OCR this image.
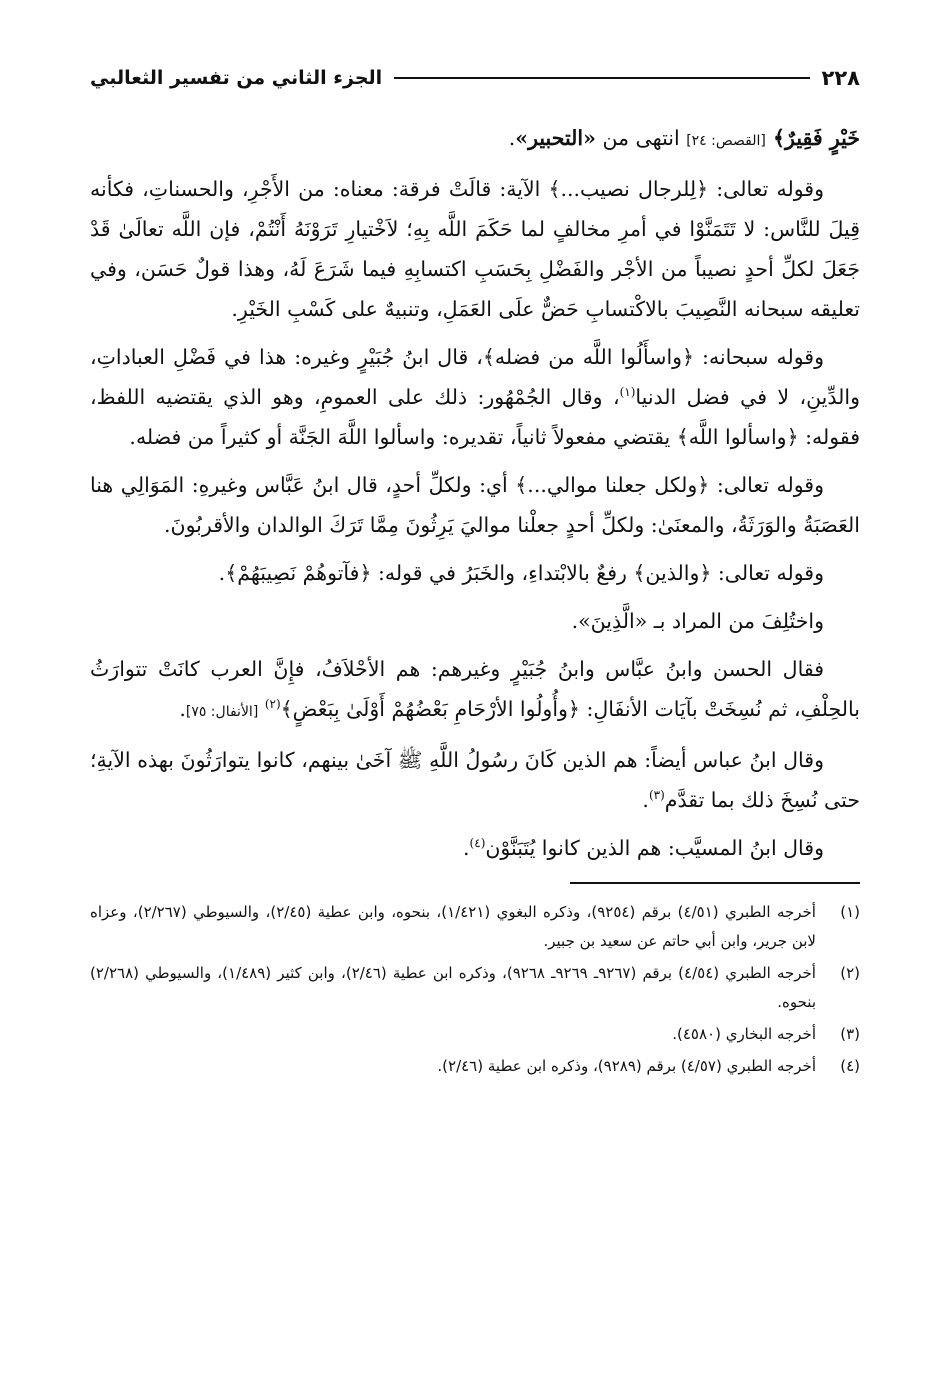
٢٢٨
الجزء الثاني من تفسير الثعالبي

خَيْرٍ فَقِيرٌ﴾ [القصص: ٢٤] انتهى من «التحبير».

وقوله تعالى: ﴿لِلرجال نصيب...﴾ الآية: قالَتْ فرقة: معناه: من الأَجْرِ، والحسناتِ، فكأنه قِيلَ للنَّاس: لا تَتَمَنَّوْا في أمرِ مخالفٍ لما حَكَمَ اللَّه بِهِ؛ لاَخْتيارِ تَرَوْنَهُ أَنْتُمْ، فإن اللَّه تعالَىٰ قَدْ جَعَلَ لكلِّ أحدٍ نصيباً من الأجْر والفَضْلِ بِحَسَبِ اكتسابِهِ فيما شَرَعَ لَهُ، وهذا قولٌ حَسَن، وفي تعليقه سبحانه النَّصِيبَ بالاكْتسابِ حَضٌّ علَى العَمَلِ، وتنبيهٌ على كَسْبِ الخَيْرِ.

وقوله سبحانه: ﴿واسأَلُوا اللَّه من فضله﴾، قال ابنُ جُبَيْرٍ وغيره: هذا في فَضْلِ العباداتِ، والدِّينِ، لا في فضل الدنيا$^{(١)}$، وقال الجُمْهُور: ذلك على العمومِ، وهو الذي يقتضيه اللفظ، فقوله: ﴿واسألوا اللَّه﴾ يقتضي مفعولاً ثانياً، تقديره: واسألوا اللَّهَ الجَنَّة أو كثيراً من فضله.

وقوله تعالى: ﴿ولكل جعلنا موالي...﴾ أي: ولكلِّ أحدٍ، قال ابنُ عَبَّاس وغيرهِ: المَوَالِي هنا العَصَبَةُ والوَرَثَةُ، والمعنَىٰ: ولكلِّ أحدٍ جعلْنا مواليَ يَرِثُونَ مِمَّا تَرَكَ الوالدان والأقربُونَ.

وقوله تعالى: ﴿والذين﴾ رفعٌ بالابْتداءِ، والخَبَرُ في قوله: ﴿فآتوهُمْ نَصِيبَهُمْ﴾.

واختُلِفَ من المراد بـ «الَّذِينَ».

فقال الحسن وابنُ عبَّاس وابنُ جُبَيْرٍ وغيرهم: هم الأحْلاَفُ، فإِنَّ العرب كانَتْ تتوارَثُ بالحِلْفِ، ثم نُسِخَتْ بآيَات الأنفَالِ: ﴿وأُولُوا الأرْحَامِ بَعْضُهُمْ أَوْلَىٰ بِبَعْضٍ﴾$^{(٢)}$ [الأنفال: ٧٥].

وقال ابنُ عباس أيضاً: هم الذين كَانَ رسُولُ اللَّهِ ﷺ آخَىٰ بينهم، كانوا يتوارَثُونَ بهذه الآيةِ؛ حتى نُسِخَ ذلك بما تقدَّم$^{(٣)}$.

وقال ابنُ المسيَّب: هم الذين كانوا يُتَبَنَّوْن$^{(٤)}$.

(١)
أخرجه الطبري (٤/٥١) برقم (٩٢٥٤)، وذكره البغوي (١/٤٢١)، بنحوه، وابن عطية (٢/٤٥)، والسيوطي (٢/٢٦٧)، وعزاه لابن جرير، وابن أبي حاتم عن سعيد بن جبير.
(٢)
أخرجه الطبري (٤/٥٤) برقم (٩٢٦٧ـ ٩٢٦٩ـ ٩٢٦٨)، وذكره ابن عطية (٢/٤٦)، وابن كثير (١/٤٨٩)، والسيوطي (٢/٢٦٨) بنحوه.
(٣)
أخرجه البخاري (٤٥٨٠).
(٤)
أخرجه الطبري (٤/٥٧) برقم (٩٢٨٩)، وذكره ابن عطية (٢/٤٦).
